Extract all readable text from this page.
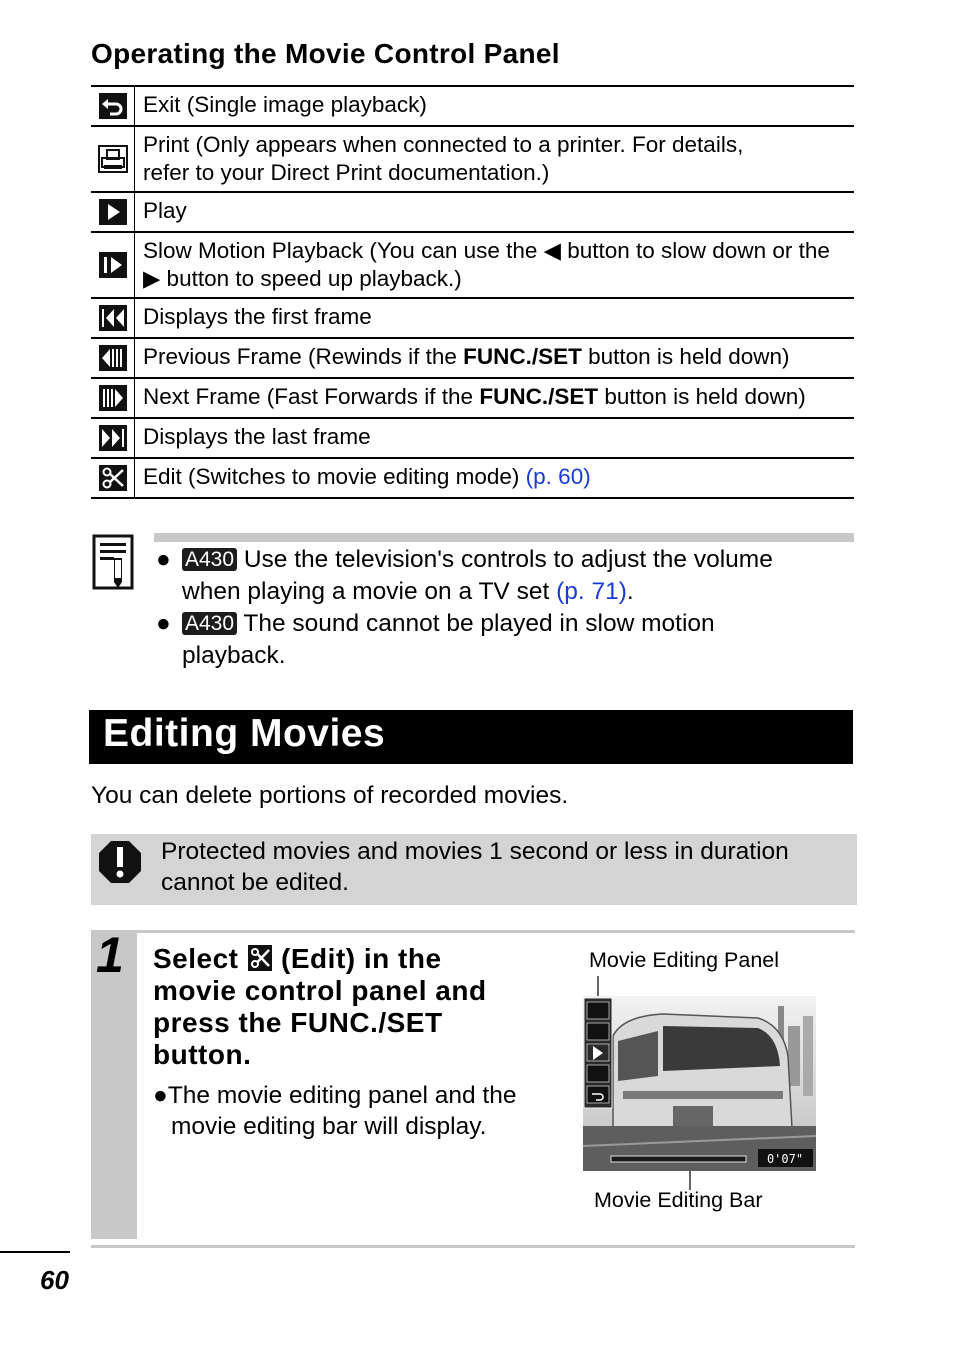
Operating the Movie Control Panel
	Exit (Single image playback)

Print (Only appears when connected to a printer. For details,
refer to your Direct Print documentation.)

	Play

Slow Motion Playback (You can use the ◀ button to slow down or the
▶ button to speed up playback.)

	Displays the first frame

	Previous Frame (Rewinds if the FUNC./SET button is held down)

	Next Frame (Fast Forwards if the FUNC./SET button is held down)

	Displays the last frame

	Edit (Switches to movie editing mode) (p. 60)
● A430 Use the television's controls to adjust the volume
when playing a movie on a TV set (p. 71).
● A430 The sound cannot be played in slow motion
playback.
Editing Movies
You can delete portions of recorded movies.
Protected movies and movies 1 second or less in duration
cannot be edited.
1 Select  (Edit) in the
movie control panel and
press the FUNC./SET
button.
●The movie editing panel and the
movie editing bar will display.
Movie Editing Panel
Movie Editing Bar
0'07"
60
